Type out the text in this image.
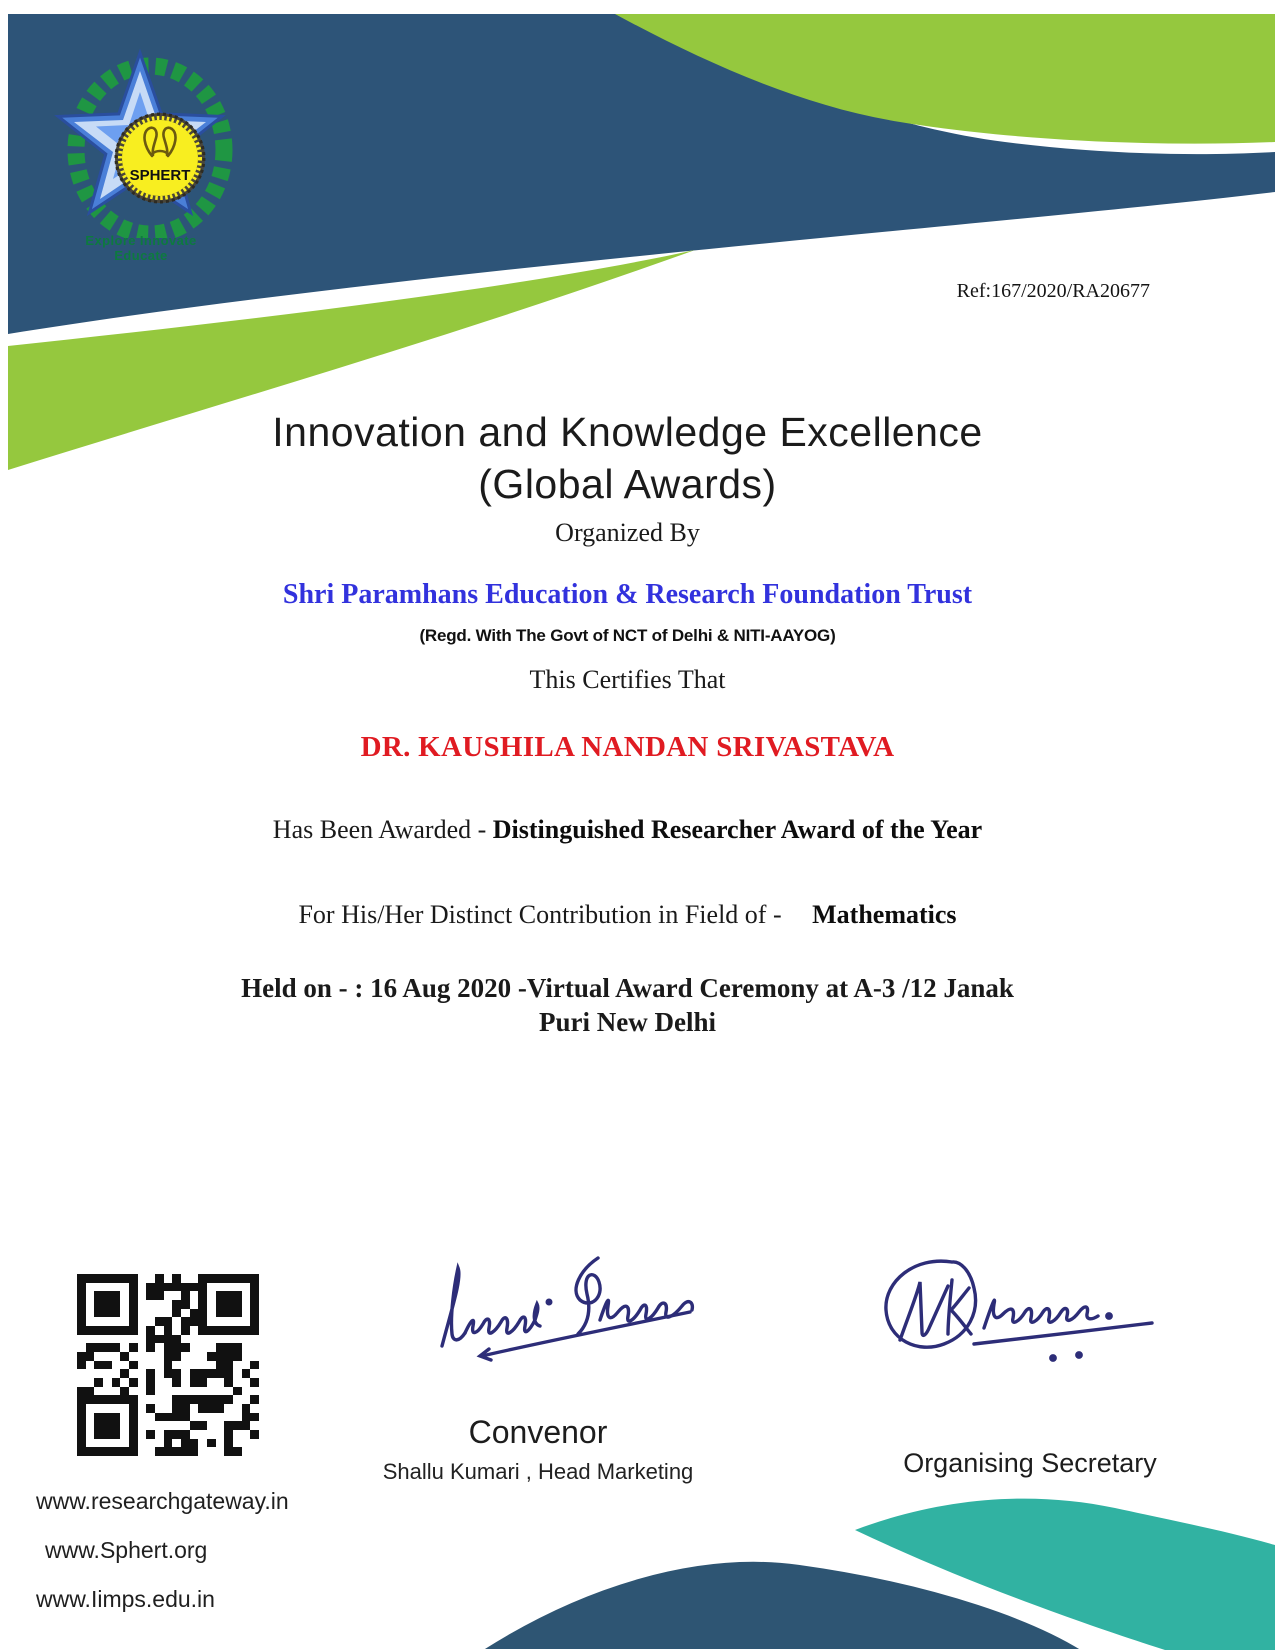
SPHERT
Explore Innovate Educate
Ref:167/2020/RA20677
Innovation and Knowledge Excellence
(Global Awards)
Organized By
Shri Paramhans Education & Research Foundation Trust
(Regd. With The Govt of NCT of Delhi & NITI-AAYOG)
This Certifies That
DR. KAUSHILA NANDAN SRIVASTAVA
Has Been Awarded - Distinguished Researcher Award of the Year
For His/Her Distinct Contribution in Field of - Mathematics
Held on - : 16 Aug 2020 -Virtual Award Ceremony at A-3 /12 Janak
Puri New Delhi
Convenor
Shallu Kumari , Head Marketing	Organising Secretary
www.researchgateway.in
www.Sphert.org
www.Iimps.edu.in
